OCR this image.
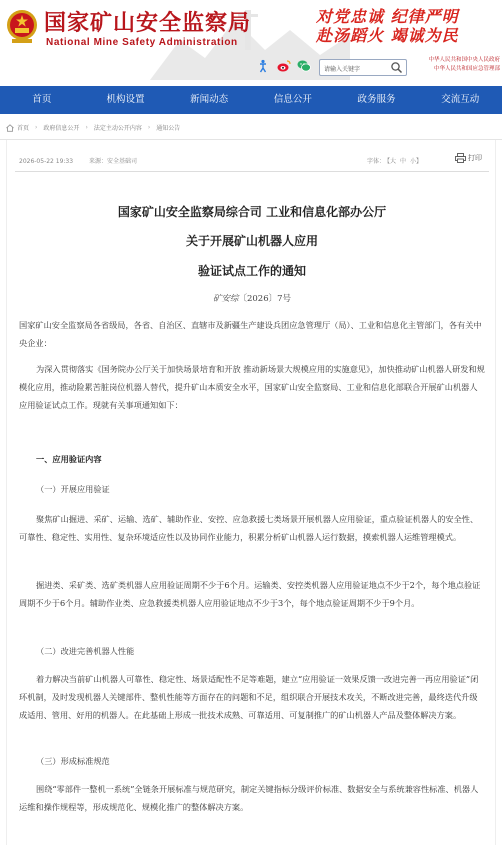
国家矿山安全监察局
National Mine Safety Administration
对党忠诚 纪律严明
赴汤蹈火 竭诚为民
请输入关键字
中华人民共和国中央人民政府
中华人民共和国应急管理部
首页	机构设置	新闻动态	信息公开	政务服务	交流互动
首页 › 政府信息公开 › 法定主动公开内容 › 通知公告
2026-05-22 19:33	来源：安全基础司	字体： 【大 中 小】	打印
国家矿山安全监察局综合司 工业和信息化部办公厅
关于开展矿山机器人应用
验证试点工作的通知
矿安综〔2026〕7号
国家矿山安全监察局各省级局，各省、自治区、直辖市及新疆生产建设兵团应急管理厅（局）、工业和信息化主管部门，各有关中央企业：
为深入贯彻落实《国务院办公厅关于加快场景培育和开放 推动新场景大规模应用的实施意见》，加快推动矿山机器人研发和规模化应用，推动险累苦脏岗位机器人替代，提升矿山本质安全水平，国家矿山安全监察局、工业和信息化部联合开展矿山机器人应用验证试点工作。现就有关事项通知如下：
一、应用验证内容
（一）开展应用验证
聚焦矿山掘进、采矿、运输、选矿、辅助作业、安控、应急救援七类场景开展机器人应用验证，重点验证机器人的安全性、可靠性、稳定性、实用性、复杂环境适应性以及协同作业能力，积累分析矿山机器人运行数据，摸索机器人运维管理模式。
掘进类、采矿类、选矿类机器人应用验证周期不少于6个月。运输类、安控类机器人应用验证地点不少于2个，每个地点验证周期不少于6个月。辅助作业类、应急救援类机器人应用验证地点不少于3个，每个地点验证周期不少于9个月。
（二）改进完善机器人性能
着力解决当前矿山机器人可靠性、稳定性、场景适配性不足等难题，建立“应用验证一效果反馈一改进完善一再应用验证”闭环机制，及时发现机器人关键部件、整机性能等方面存在的问题和不足，组织联合开展技术攻关，不断改进完善，最终迭代升级成适用、管用、好用的机器人。在此基础上形成一批技术成熟、可靠适用、可复制推广的矿山机器人产品及整体解决方案。
（三）形成标准规范
围绕“零部件一整机一系统”全链条开展标准与规范研究，制定关键指标分级评价标准、数据安全与系统兼容性标准、机器人运维和操作规程等，形成规范化、规模化推广的整体解决方案。
